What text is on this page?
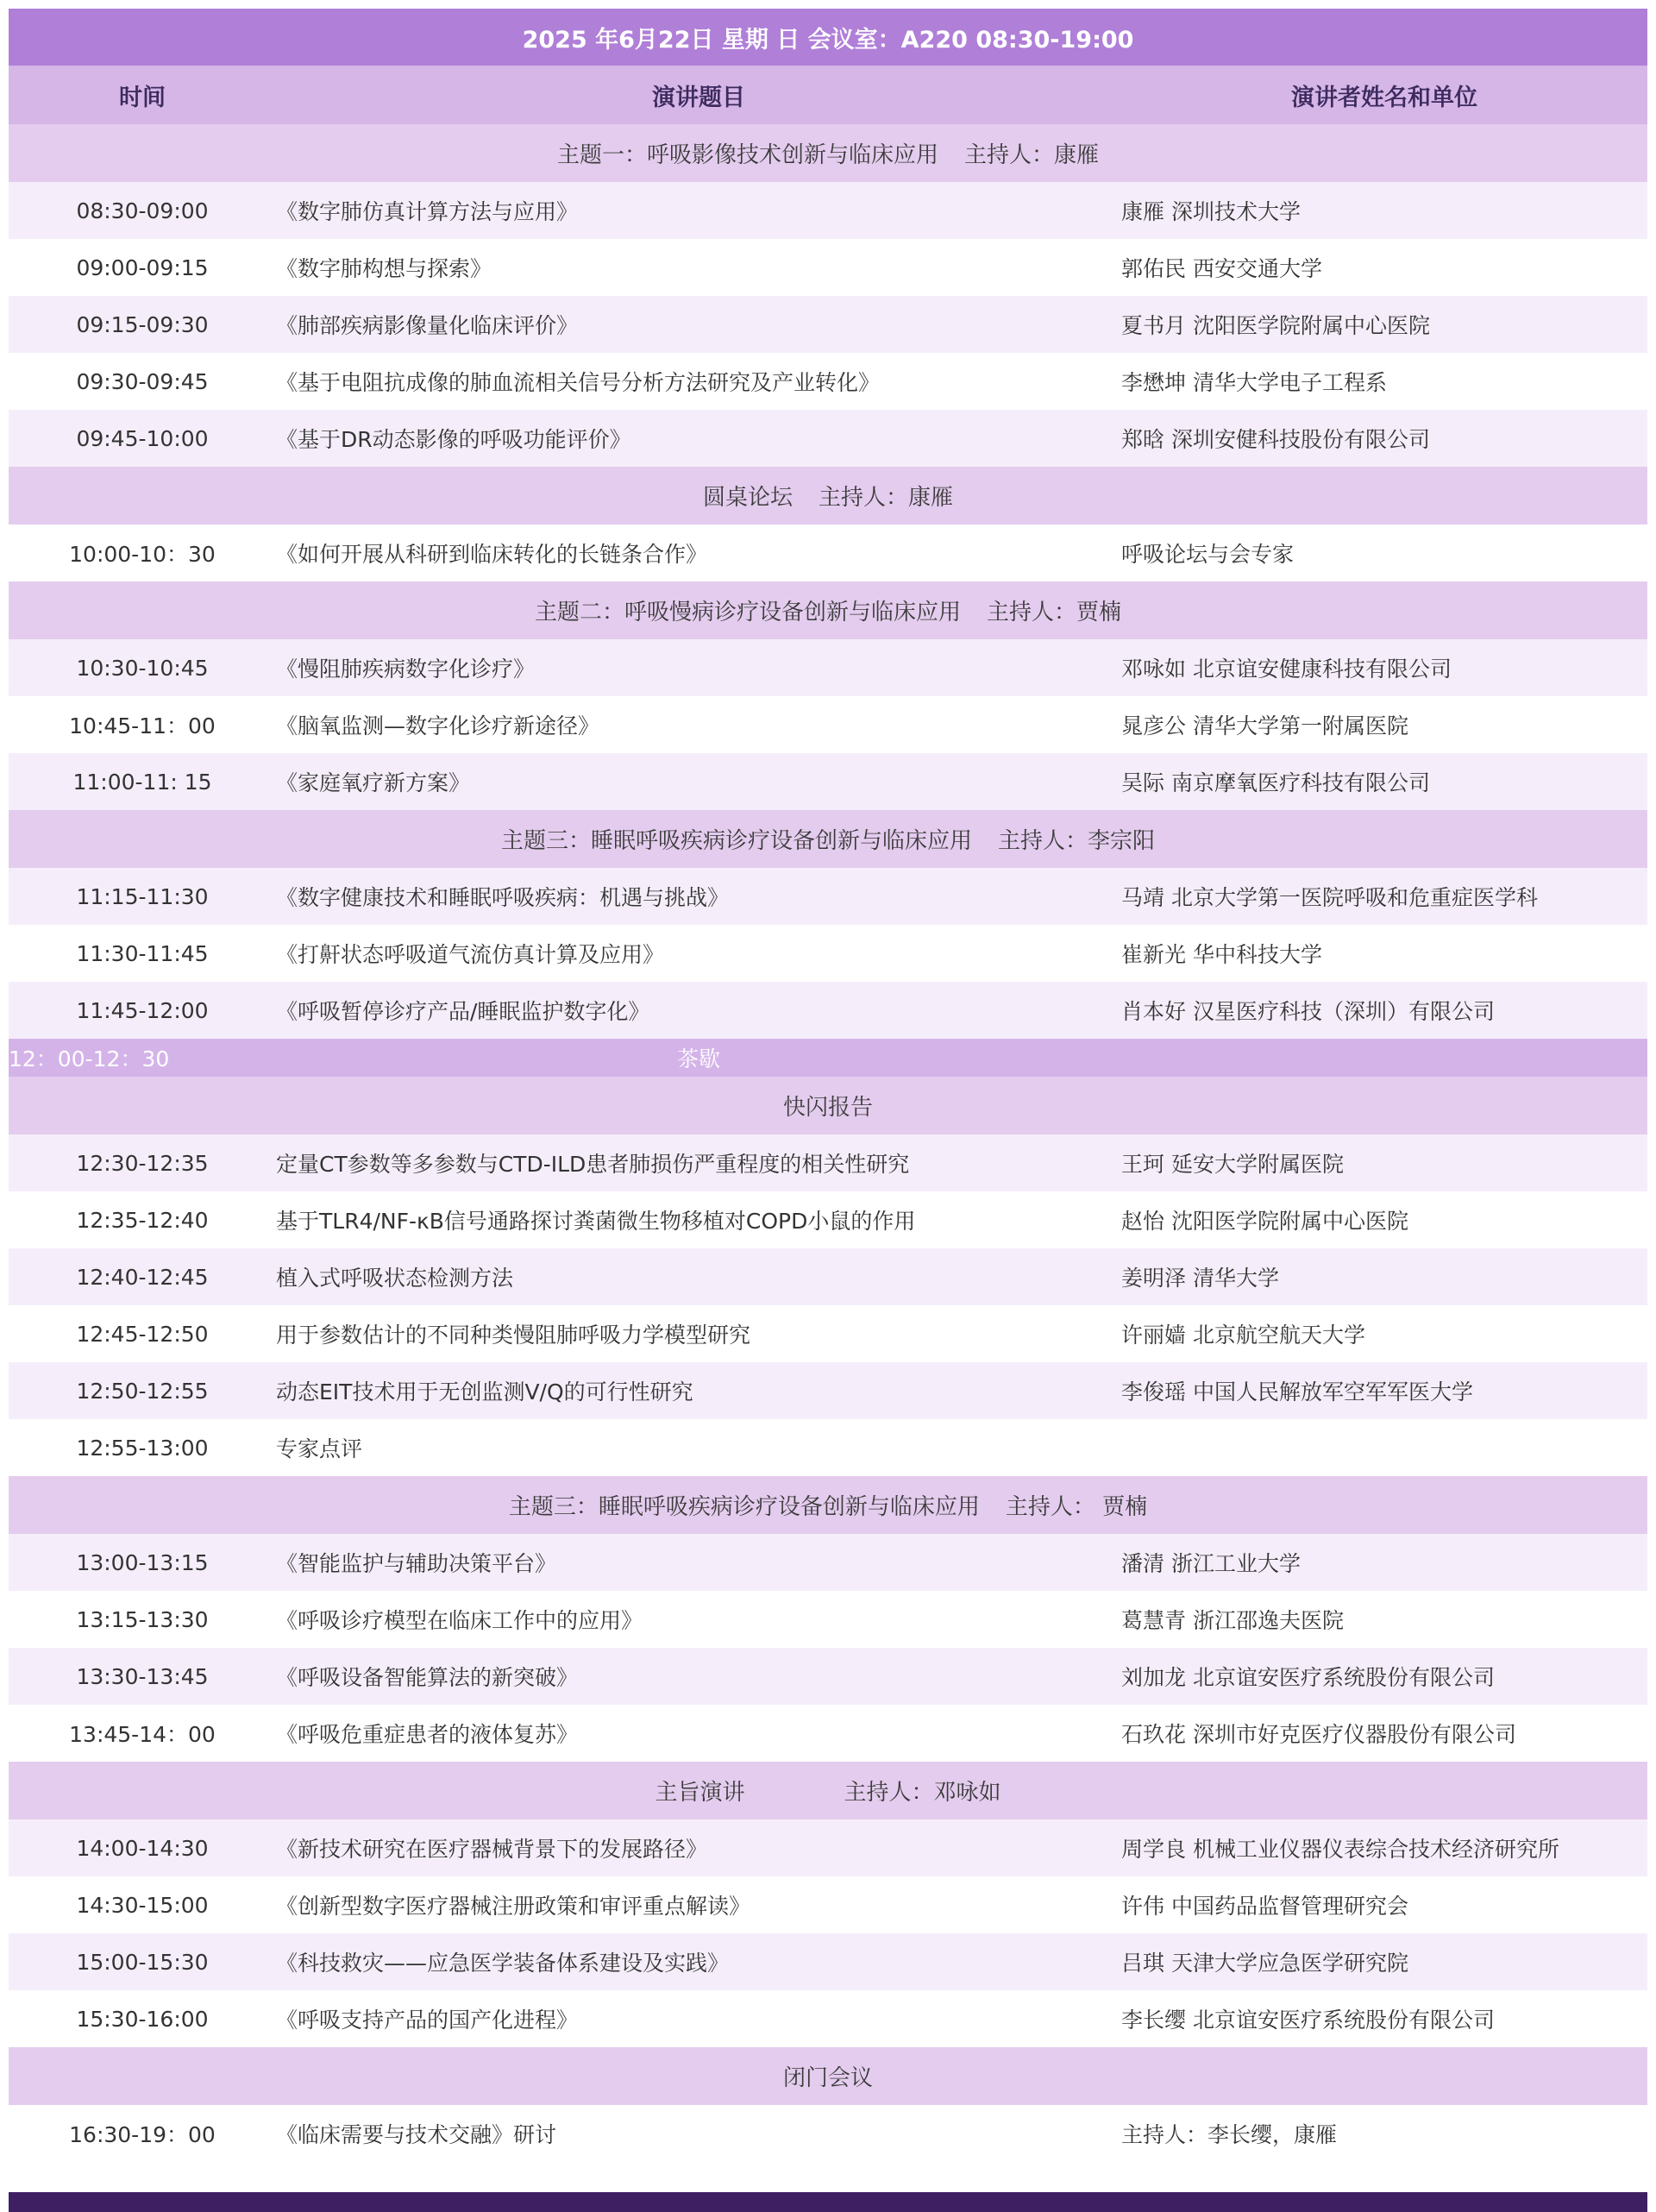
2025 年6月22日 星期 日 会议室：A220 08:30-19:00		
时间	演讲题目	演讲者姓名和单位
主题一：呼吸影像技术创新与临床应用 主持人：康雁		
08:30-09:00	《数字肺仿真计算方法与应用》	康雁 深圳技术大学
09:00-09:15	《数字肺构想与探索》	郭佑民 西安交通大学
09:15-09:30	《肺部疾病影像量化临床评价》	夏书月 沈阳医学院附属中心医院
09:30-09:45	《基于电阻抗成像的肺血流相关信号分析方法研究及产业转化》	李懋坤 清华大学电子工程系
09:45-10:00	《基于DR动态影像的呼吸功能评价》	郑晗 深圳安健科技股份有限公司
圆桌论坛 主持人：康雁		
10:00-10：30	《如何开展从科研到临床转化的长链条合作》	呼吸论坛与会专家
主题二：呼吸慢病诊疗设备创新与临床应用 主持人：贾楠		
10:30-10:45	《慢阻肺疾病数字化诊疗》	邓咏如 北京谊安健康科技有限公司
10:45-11：00	《脑氧监测—数字化诊疗新途径》	晁彦公 清华大学第一附属医院
11:00-11: 15	《家庭氧疗新方案》	吴际 南京摩氧医疗科技有限公司
主题三：睡眠呼吸疾病诊疗设备创新与临床应用 主持人：李宗阳		
11:15-11:30	《数字健康技术和睡眠呼吸疾病：机遇与挑战》	马靖 北京大学第一医院呼吸和危重症医学科
11:30-11:45	《打鼾状态呼吸道气流仿真计算及应用》	崔新光 华中科技大学
11:45-12:00	《呼吸暂停诊疗产品/睡眠监护数字化》	肖本好 汉星医疗科技（深圳）有限公司
12：00-12：30	茶歇	
快闪报告		
12:30-12:35	定量CT参数等多参数与CTD-ILD患者肺损伤严重程度的相关性研究	王珂 延安大学附属医院
12:35-12:40	基于TLR4/NF-κB信号通路探讨粪菌微生物移植对COPD小鼠的作用	赵怡 沈阳医学院附属中心医院
12:40-12:45	植入式呼吸状态检测方法	姜明泽 清华大学
12:45-12:50	用于参数估计的不同种类慢阻肺呼吸力学模型研究	许丽嫱 北京航空航天大学
12:50-12:55	动态EIT技术用于无创监测V/Q的可行性研究	李俊瑶 中国人民解放军空军军医大学
12:55-13:00	专家点评	
主题三：睡眠呼吸疾病诊疗设备创新与临床应用 主持人： 贾楠		
13:00-13:15	《智能监护与辅助决策平台》	潘清 浙江工业大学
13:15-13:30	《呼吸诊疗模型在临床工作中的应用》	葛慧青 浙江邵逸夫医院
13:30-13:45	《呼吸设备智能算法的新突破》	刘加龙 北京谊安医疗系统股份有限公司
13:45-14：00	《呼吸危重症患者的液体复苏》	石玖花 深圳市好克医疗仪器股份有限公司
主旨演讲 主持人：邓咏如		
14:00-14:30	《新技术研究在医疗器械背景下的发展路径》	周学良 机械工业仪器仪表综合技术经济研究所
14:30-15:00	《创新型数字医疗器械注册政策和审评重点解读》	许伟 中国药品监督管理研究会
15:00-15:30	《科技救灾——应急医学装备体系建设及实践》	吕琪 天津大学应急医学研究院
15:30-16:00	《呼吸支持产品的国产化进程》	李长缨 北京谊安医疗系统股份有限公司
闭门会议		
16:30-19：00	《临床需要与技术交融》研讨	主持人：李长缨，康雁
